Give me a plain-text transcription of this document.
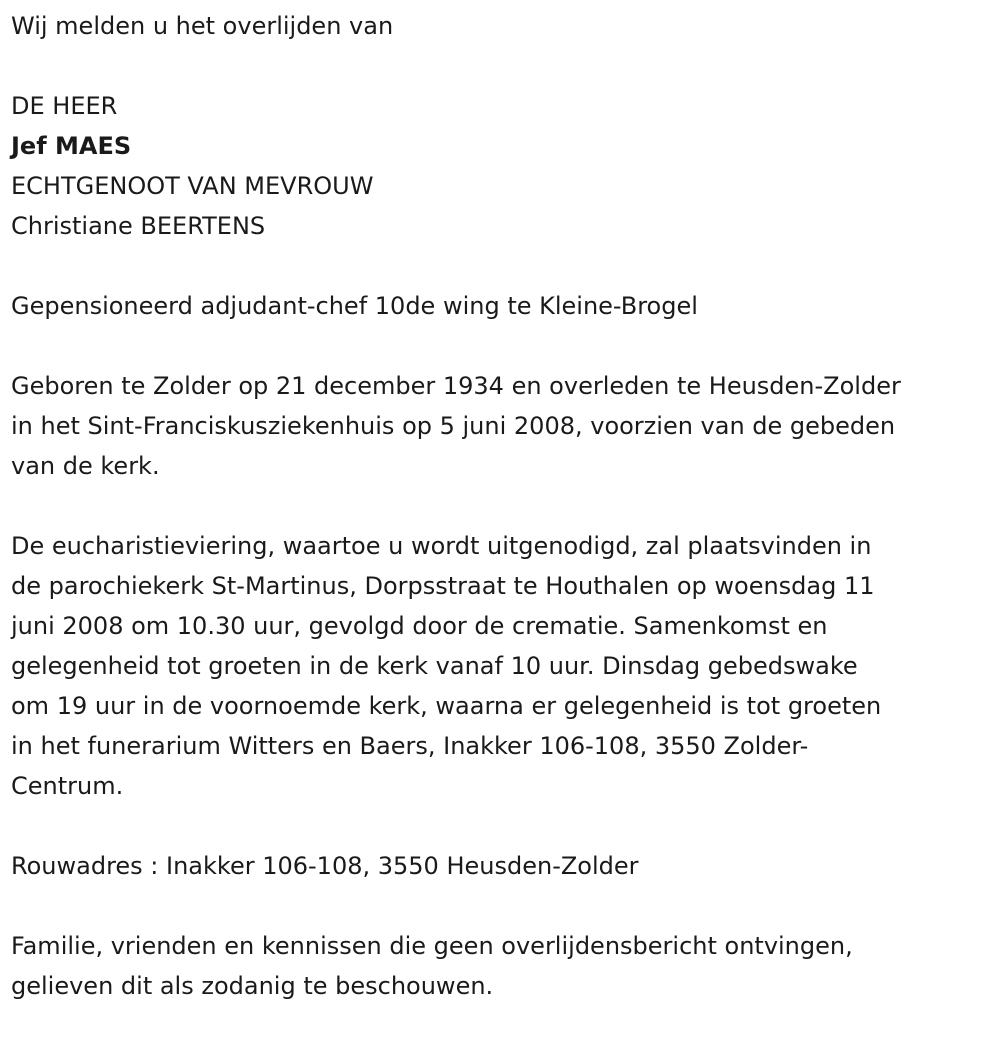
Wij melden u het overlijden van
DE HEER
Jef MAES
ECHTGENOOT VAN MEVROUW
Christiane BEERTENS
Gepensioneerd adjudant-chef 10de wing te Kleine-Brogel
Geboren te Zolder op 21 december 1934 en overleden te Heusden-Zolder
in het Sint-Franciskusziekenhuis op 5 juni 2008, voorzien van de gebeden
van de kerk.
De eucharistieviering, waartoe u wordt uitgenodigd, zal plaatsvinden in
de parochiekerk St-Martinus, Dorpsstraat te Houthalen op woensdag 11
juni 2008 om 10.30 uur, gevolgd door de crematie. Samenkomst en
gelegenheid tot groeten in de kerk vanaf 10 uur. Dinsdag gebedswake
om 19 uur in de voornoemde kerk, waarna er gelegenheid is tot groeten
in het funerarium Witters en Baers, Inakker 106-108, 3550 Zolder-
Centrum.
Rouwadres : Inakker 106-108, 3550 Heusden-Zolder
Familie, vrienden en kennissen die geen overlijdensbericht ontvingen,
gelieven dit als zodanig te beschouwen.
